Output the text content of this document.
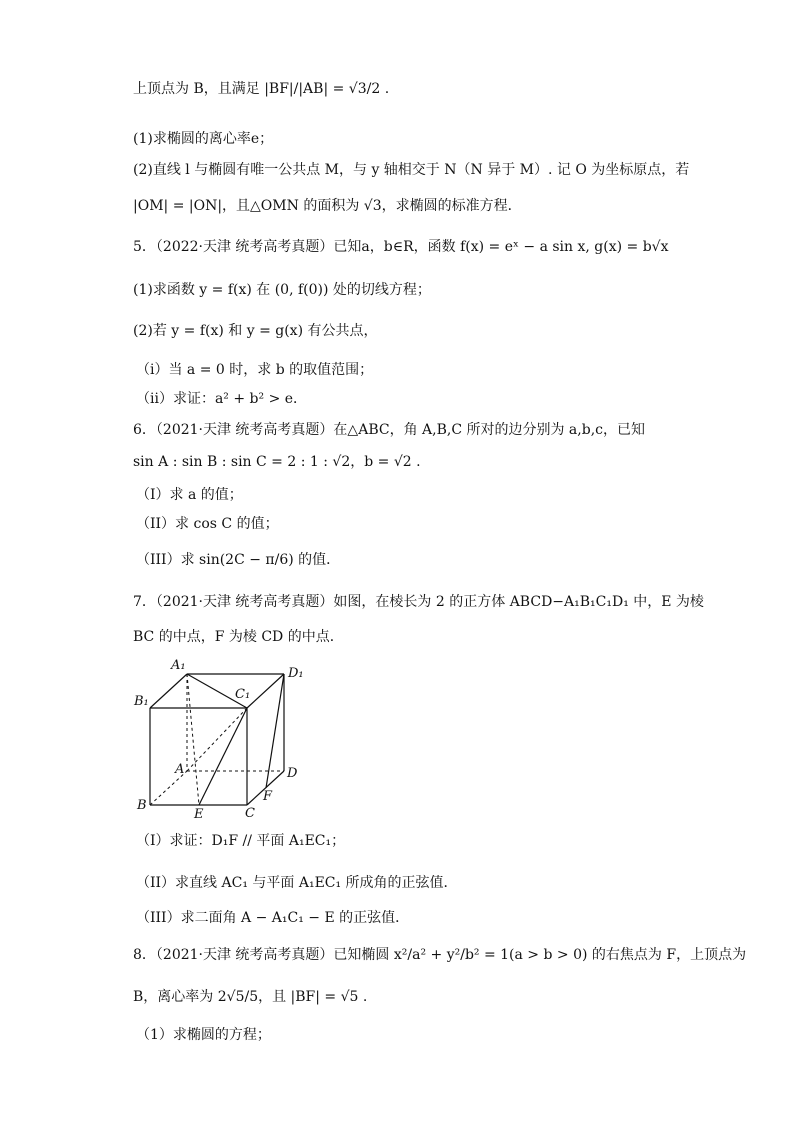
上顶点为 B，且满足 |BF|/|AB| = √3/2 .
(1)求椭圆的离心率e；
(2)直线 l 与椭圆有唯一公共点 M，与 y 轴相交于 N（N 异于 M）. 记 O 为坐标原点，若
|OM| = |ON|，且△OMN 的面积为 √3，求椭圆的标准方程．
5．（2022·天津 统考高考真题）已知a，b∈R，函数 f(x) = eˣ − a sin x, g(x) = b√x
(1)求函数 y = f(x) 在 (0, f(0)) 处的切线方程；
(2)若 y = f(x) 和 y = g(x) 有公共点，
（i）当 a = 0 时，求 b 的取值范围；
（ii）求证：a² + b² > e．
6．（2021·天津 统考高考真题）在△ABC，角 A,B,C 所对的边分别为 a,b,c，已知
sin A : sin B : sin C = 2 : 1 : √2，b = √2 .
（I）求 a 的值；
（II）求 cos C 的值；
（III）求 sin(2C − π/6) 的值．
7．（2021·天津 统考高考真题）如图，在棱长为 2 的正方体 ABCD−A₁B₁C₁D₁ 中，E 为棱
BC 的中点，F 为棱 CD 的中点．
A₁
B₁	C₁
D₁
A
B
C
D
E
F
（I）求证：D₁F // 平面 A₁EC₁；
（II）求直线 AC₁ 与平面 A₁EC₁ 所成角的正弦值．
（III）求二面角 A − A₁C₁ − E 的正弦值．
8．（2021·天津 统考高考真题）已知椭圆 x²/a² + y²/b² = 1(a > b > 0) 的右焦点为 F，上顶点为
B，离心率为 2√5/5，且 |BF| = √5 .
（1）求椭圆的方程；
